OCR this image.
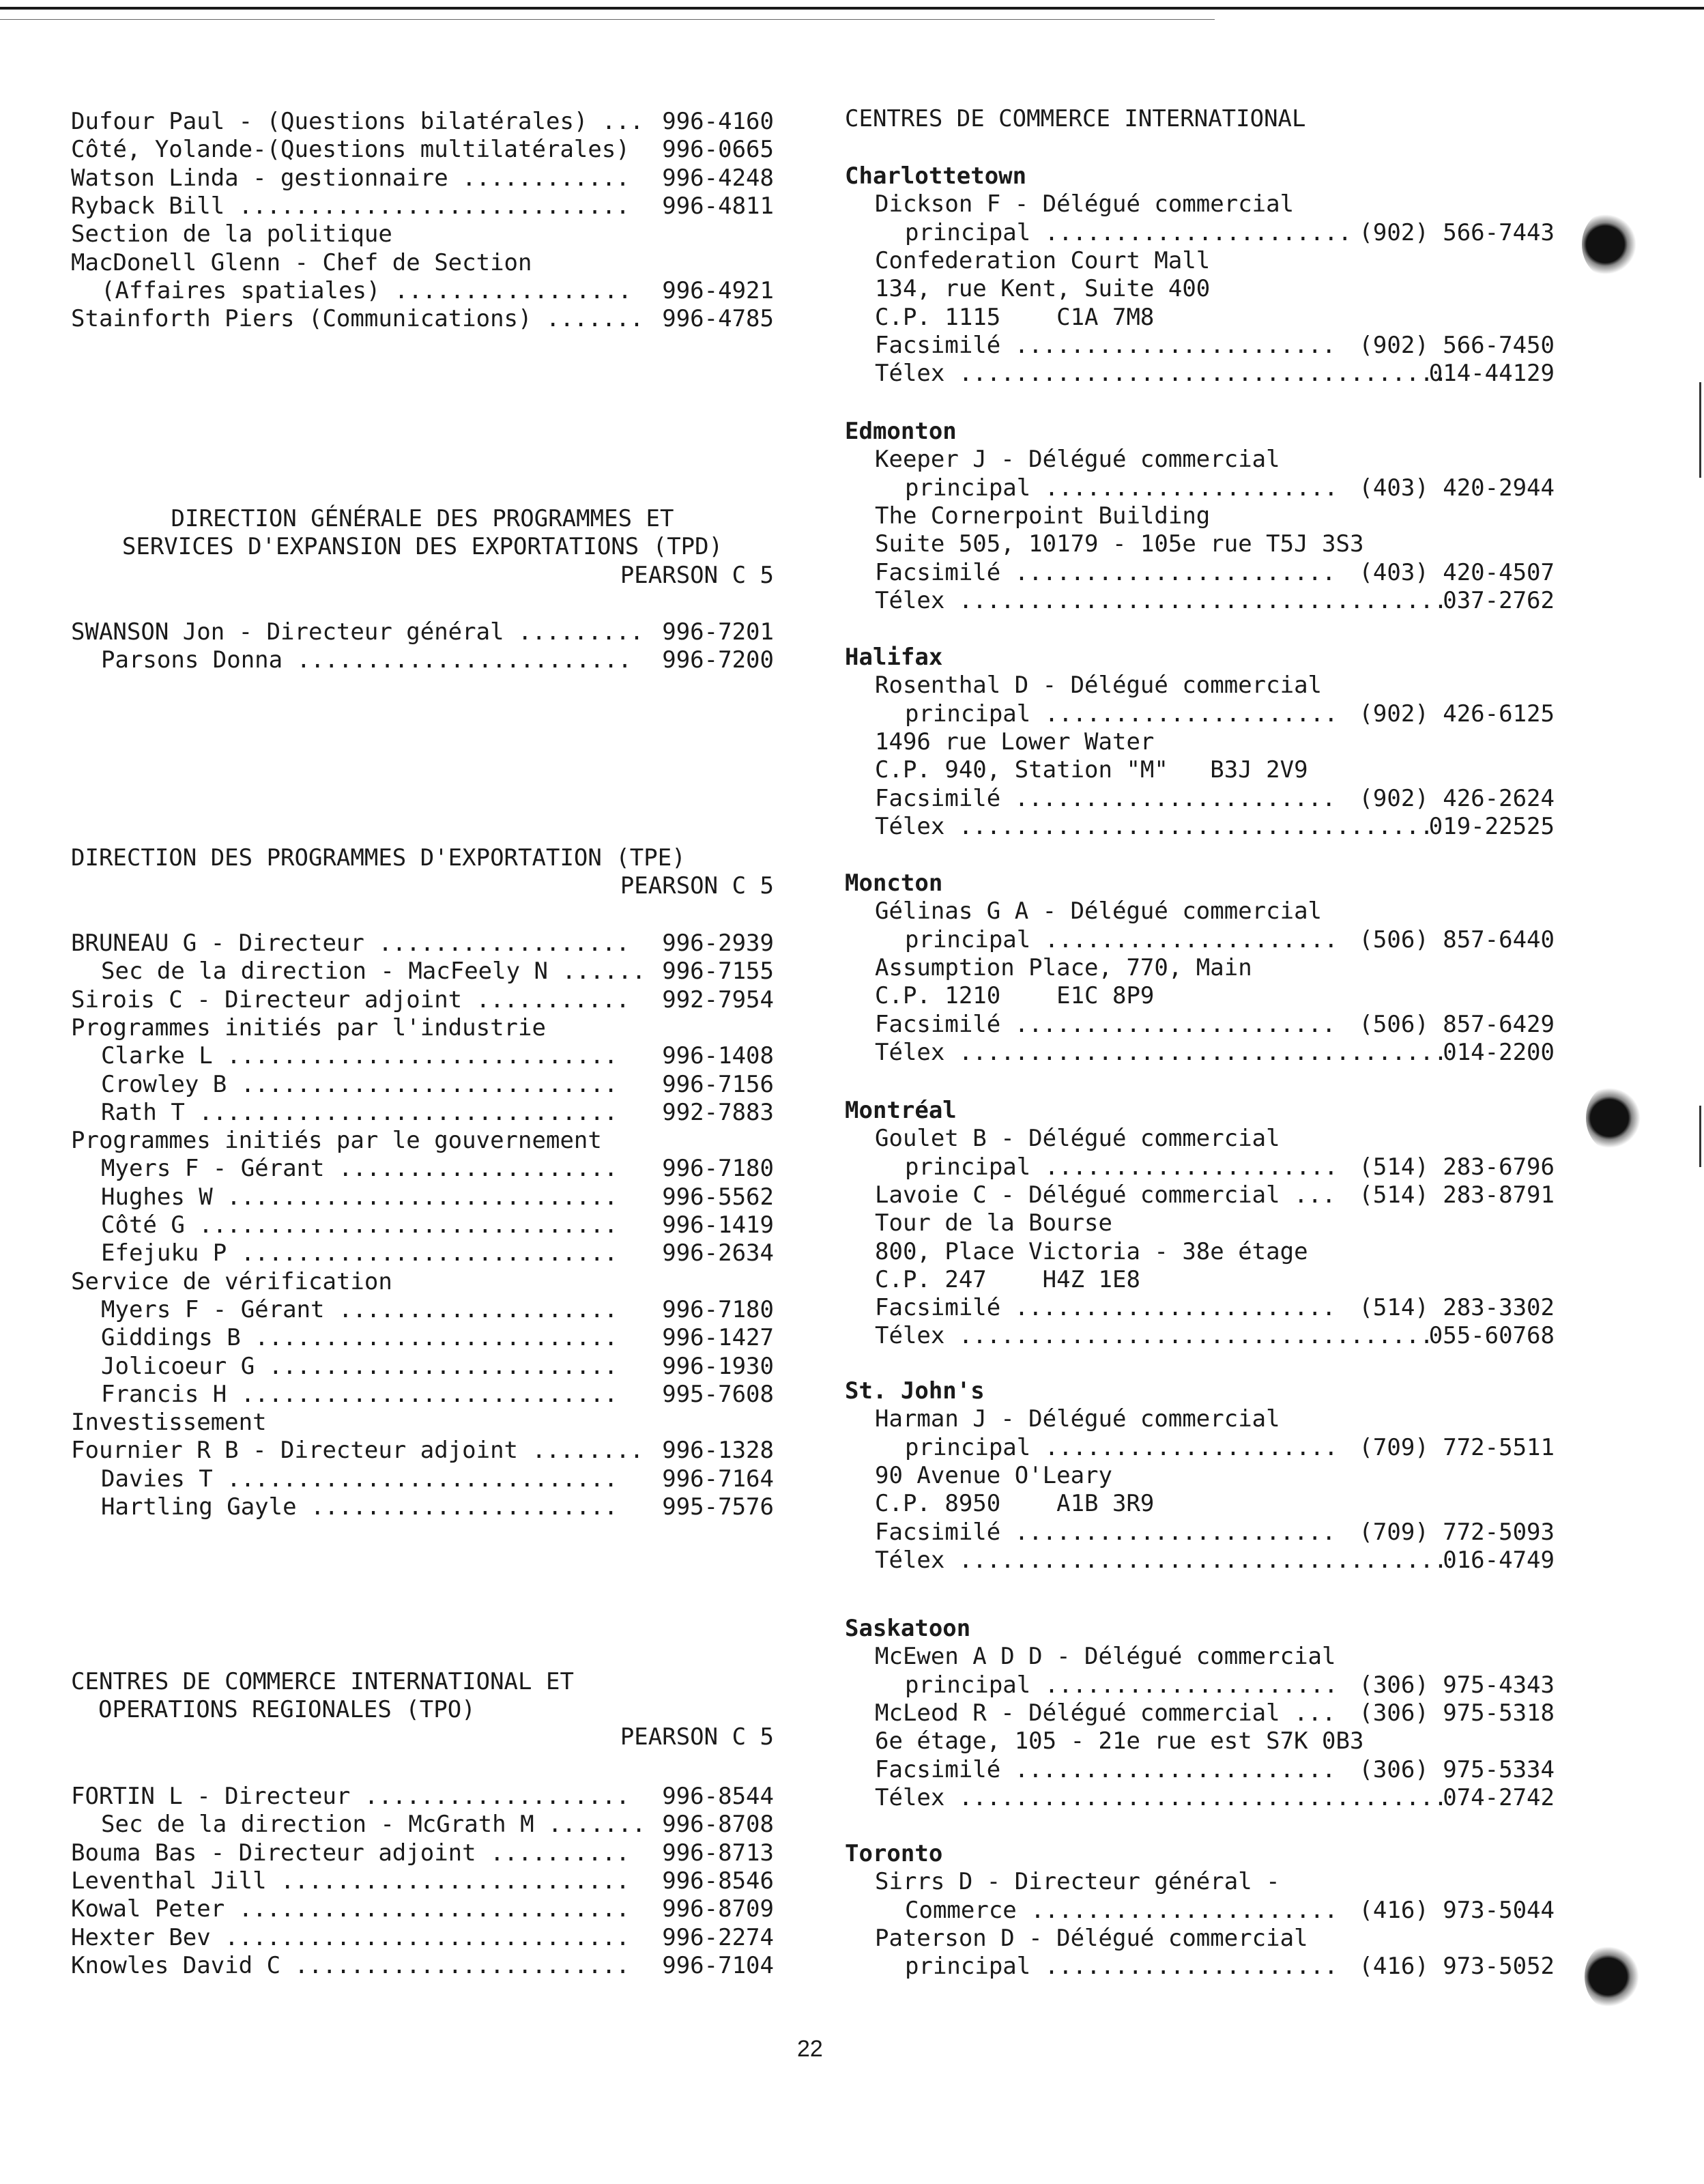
Dufour Paul - (Questions bilatérales) ... 996-4160
Côté, Yolande-(Questions multilatérales) 996-0665
Watson Linda - gestionnaire ............ 996-4248
Ryback Bill ............................ 996-4811
Section de la politique
MacDonell Glenn - Chef de Section
(Affaires spatiales) ................. 996-4921
Stainforth Piers (Communications) ....... 996-4785
DIRECTION GÉNÉRALE DES PROGRAMMES ET
SERVICES D'EXPANSION DES EXPORTATIONS (TPD)
PEARSON C 5
SWANSON Jon - Directeur général ......... 996-7201
Parsons Donna ........................ 996-7200
DIRECTION DES PROGRAMMES D'EXPORTATION (TPE)
PEARSON C 5
BRUNEAU G - Directeur .................. 996-2939
Sec de la direction - MacFeely N ...... 996-7155
Sirois C - Directeur adjoint ........... 992-7954
Programmes initiés par l'industrie
Clarke L ............................ 996-1408
Crowley B ........................... 996-7156
Rath T .............................. 992-7883
Programmes initiés par le gouvernement
Myers F - Gérant .................... 996-7180
Hughes W ............................ 996-5562
Côté G .............................. 996-1419
Efejuku P ........................... 996-2634
Service de vérification
Myers F - Gérant .................... 996-7180
Giddings B .......................... 996-1427
Jolicoeur G ......................... 996-1930
Francis H ........................... 995-7608
Investissement
Fournier R B - Directeur adjoint ........ 996-1328
Davies T ............................ 996-7164
Hartling Gayle ...................... 995-7576
CENTRES DE COMMERCE INTERNATIONAL ET
OPERATIONS REGIONALES (TPO)
PEARSON C 5
FORTIN L - Directeur ................... 996-8544
Sec de la direction - McGrath M ....... 996-8708
Bouma Bas - Directeur adjoint .......... 996-8713
Leventhal Jill ......................... 996-8546
Kowal Peter ............................ 996-8709
Hexter Bev ............................. 996-2274
Knowles David C ........................ 996-7104
CENTRES DE COMMERCE INTERNATIONAL
Charlottetown
Dickson F - Délégué commercial
principal ...................... (902) 566-7443
Confederation Court Mall
134, rue Kent, Suite 400
C.P. 1115    C1A 7M8
Facsimilé ....................... (902) 566-7450
Télex ...................................
014-44129
Edmonton
Keeper J - Délégué commercial
principal ..................... (403) 420-2944
The Cornerpoint Building
Suite 505, 10179 - 105e rue T5J 3S3
Facsimilé ....................... (403) 420-4507
Télex ...................................
037-2762
Halifax
Rosenthal D - Délégué commercial
principal ..................... (902) 426-6125
1496 rue Lower Water
C.P. 940, Station "M"   B3J 2V9
Facsimilé ....................... (902) 426-2624
Télex ..................................
019-22525
Moncton
Gélinas G A - Délégué commercial
principal ..................... (506) 857-6440
Assumption Place, 770, Main
C.P. 1210    E1C 8P9
Facsimilé ....................... (506) 857-6429
Télex ...................................
014-2200
Montréal
Goulet B - Délégué commercial
principal ..................... (514) 283-6796
Lavoie C - Délégué commercial ... (514) 283-8791
Tour de la Bourse
800, Place Victoria - 38e étage
C.P. 247    H4Z 1E8
Facsimilé ....................... (514) 283-3302
Télex ..................................
055-60768
St. John's
Harman J - Délégué commercial
principal ..................... (709) 772-5511
90 Avenue O'Leary
C.P. 8950    A1B 3R9
Facsimilé ....................... (709) 772-5093
Télex ...................................
016-4749
Saskatoon
McEwen A D D - Délégué commercial
principal ..................... (306) 975-4343
McLeod R - Délégué commercial ... (306) 975-5318
6e étage, 105 - 21e rue est S7K 0B3
Facsimilé ....................... (306) 975-5334
Télex ...................................
074-2742
Toronto
Sirrs D - Directeur général -
Commerce ...................... (416) 973-5044
Paterson D - Délégué commercial
principal ..................... (416) 973-5052
22
